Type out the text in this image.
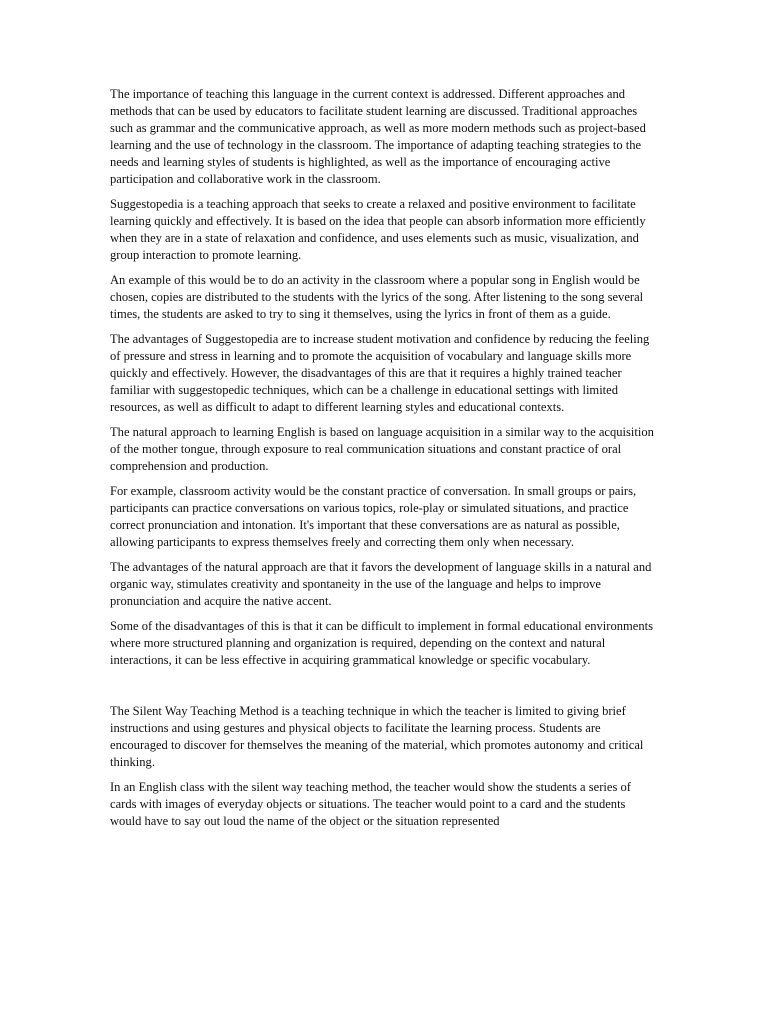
The importance of teaching this language in the current context is addressed. Different approaches and methods that can be used by educators to facilitate student learning are discussed. Traditional approaches such as grammar and the communicative approach, as well as more modern methods such as project-based learning and the use of technology in the classroom. The importance of adapting teaching strategies to the needs and learning styles of students is highlighted, as well as the importance of encouraging active participation and collaborative work in the classroom.

Suggestopedia is a teaching approach that seeks to create a relaxed and positive environment to facilitate learning quickly and effectively. It is based on the idea that people can absorb information more efficiently when they are in a state of relaxation and confidence, and uses elements such as music, visualization, and group interaction to promote learning.

An example of this would be to do an activity in the classroom where a popular song in English would be chosen, copies are distributed to the students with the lyrics of the song. After listening to the song several times, the students are asked to try to sing it themselves, using the lyrics in front of them as a guide.

The advantages of Suggestopedia are to increase student motivation and confidence by reducing the feeling of pressure and stress in learning and to promote the acquisition of vocabulary and language skills more quickly and effectively. However, the disadvantages of this are that it requires a highly trained teacher familiar with suggestopedic techniques, which can be a challenge in educational settings with limited resources, as well as difficult to adapt to different learning styles and educational contexts.

The natural approach to learning English is based on language acquisition in a similar way to the acquisition of the mother tongue, through exposure to real communication situations and constant practice of oral comprehension and production.

For example, classroom activity would be the constant practice of conversation. In small groups or pairs, participants can practice conversations on various topics, role-play or simulated situations, and practice correct pronunciation and intonation. It's important that these conversations are as natural as possible, allowing participants to express themselves freely and correcting them only when necessary.

The advantages of the natural approach are that it favors the development of language skills in a natural and organic way, stimulates creativity and spontaneity in the use of the language and helps to improve pronunciation and acquire the native accent.

Some of the disadvantages of this is that it can be difficult to implement in formal educational environments where more structured planning and organization is required, depending on the context and natural interactions, it can be less effective in acquiring grammatical knowledge or specific vocabulary.

The Silent Way Teaching Method is a teaching technique in which the teacher is limited to giving brief instructions and using gestures and physical objects to facilitate the learning process. Students are encouraged to discover for themselves the meaning of the material, which promotes autonomy and critical thinking.

In an English class with the silent way teaching method, the teacher would show the students a series of cards with images of everyday objects or situations. The teacher would point to a card and the students would have to say out loud the name of the object or the situation represented
